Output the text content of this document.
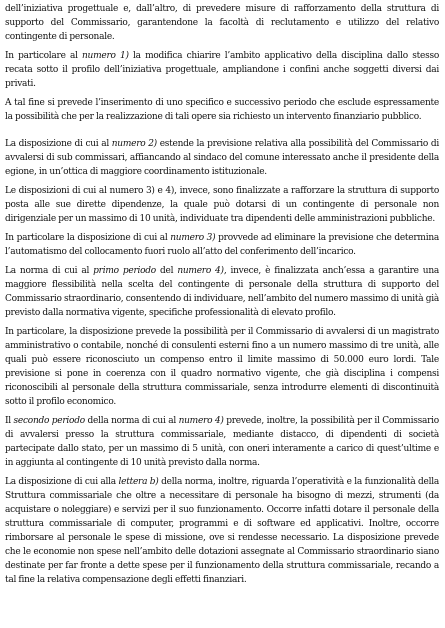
dell’iniziativa progettuale e, dall’altro, di prevedere misure di rafforzamento della struttura di supporto del Commissario, garantendone la facoltà di reclutamento e utilizzo del relativo contingente di personale.

In particolare al numero 1) la modifica chiarire l’ambito applicativo della disciplina dallo stesso recata sotto il profilo dell’iniziativa progettuale, ampliandone i confini anche soggetti diversi dai privati.

A tal fine si prevede l’inserimento di uno specifico e successivo periodo che esclude espressamente la possibilità che per la realizzazione di tali opere sia richiesto un intervento finanziario pubblico.

La disposizione di cui al numero 2) estende la previsione relativa alla possibilità del Commissario di avvalersi di sub commissari, affiancando al sindaco del comune interessato anche il presidente della egione, in un’ottica di maggiore coordinamento istituzionale.

Le disposizioni di cui al numero 3) e 4), invece, sono finalizzate a rafforzare la struttura di supporto posta alle sue dirette dipendenze, la quale può dotarsi di un contingente di personale non dirigenziale per un massimo di 10 unità, individuate tra dipendenti delle amministrazioni pubbliche.

In particolare la disposizione di cui al numero 3) provvede ad eliminare la previsione che determina l’automatismo del collocamento fuori ruolo all’atto del conferimento dell’incarico.

La norma di cui al primo periodo del numero 4), invece, è finalizzata anch’essa a garantire una maggiore flessibilità nella scelta del contingente di personale della struttura di supporto del Commissario straordinario, consentendo di individuare, nell’ambito del numero massimo di unità già previsto dalla normativa vigente, specifiche professionalità di elevato profilo.

In particolare, la disposizione prevede la possibilità per il Commissario di avvalersi di un magistrato amministrativo o contabile, nonché di consulenti esterni fino a un numero massimo di tre unità, alle quali può essere riconosciuto un compenso entro il limite massimo di 50.000 euro lordi. Tale previsione si pone in coerenza con il quadro normativo vigente, che già disciplina i compensi riconoscibili al personale della struttura commissariale, senza introdurre elementi di discontinuità sotto il profilo economico.

Il secondo periodo della norma di cui al numero 4) prevede, inoltre, la possibilità per il Commissario di avvalersi presso la struttura commissariale, mediante distacco, di dipendenti di società partecipate dallo stato, per un massimo di 5 unità, con oneri interamente a carico di quest’ultime e in aggiunta al contingente di 10 unità previsto dalla norma.

La disposizione di cui alla lettera b) della norma, inoltre, riguarda l’operatività e la funzionalità della Struttura commissariale che oltre a necessitare di personale ha bisogno di mezzi, strumenti (da acquistare o noleggiare) e servizi per il suo funzionamento. Occorre infatti dotare il personale della struttura commissariale di computer, programmi e di software ed applicativi. Inoltre, occorre rimborsare al personale le spese di missione, ove si rendesse necessario. La disposizione prevede che le economie non spese nell’ambito delle dotazioni assegnate al Commissario straordinario siano destinate per far fronte a dette spese per il funzionamento della struttura commissariale, recando a tal fine la relativa compensazione degli effetti finanziari.
